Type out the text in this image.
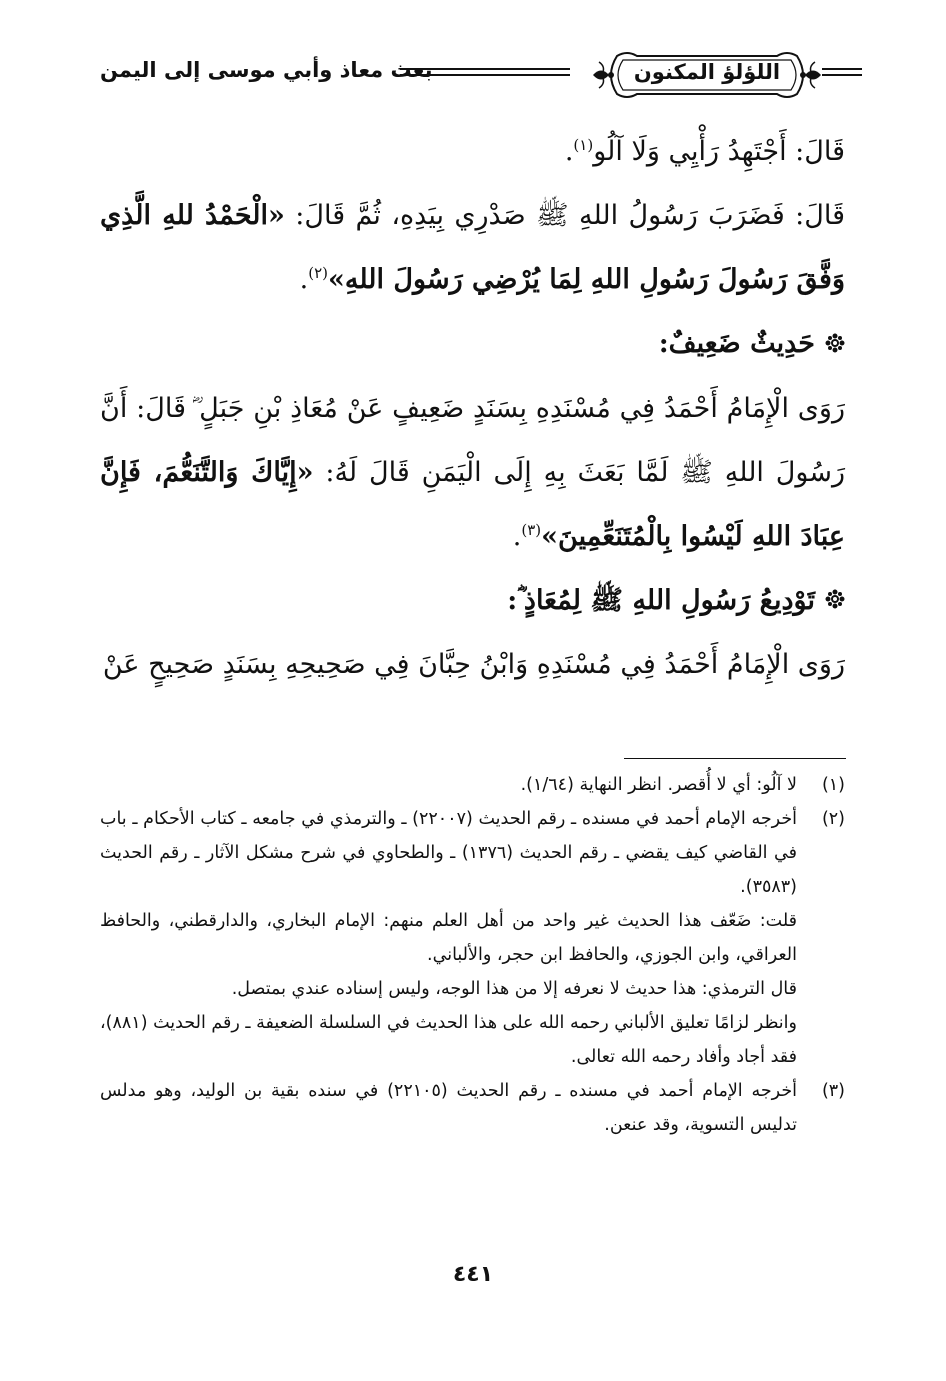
بعث معاذ وأبي موسى إلى اليمن	اللؤلؤ المكنون

قَالَ: أَجْتَهِدُ رَأْيِي وَلَا آلُو$^{(١)}$.

قَالَ: فَضَرَبَ رَسُولُ اللهِ ﷺ صَدْرِي بِيَدِهِ، ثُمَّ قَالَ: «الْحَمْدُ للهِ الَّذِي وَفَّقَ رَسُولَ رَسُولِ اللهِ لِمَا يُرْضِي رَسُولَ اللهِ»$^{(٢)}$.

حَدِيثٌ ضَعِيفٌ:

رَوَى الْإِمَامُ أَحْمَدُ فِي مُسْنَدِهِ بِسَنَدٍ ضَعِيفٍ عَنْ مُعَاذِ بْنِ جَبَلٍ ؓ قَالَ: أَنَّ رَسُولَ اللهِ ﷺ لَمَّا بَعَثَ بِهِ إِلَى الْيَمَنِ قَالَ لَهُ: «إِيَّاكَ وَالتَّنَعُّمَ، فَإِنَّ عِبَادَ اللهِ لَيْسُوا بِالْمُتَنَعِّمِينَ»$^{(٣)}$.

تَوْدِيعُ رَسُولِ اللهِ ﷺ لِمُعَاذٍ ؓ:

رَوَى الْإِمَامُ أَحْمَدُ فِي مُسْنَدِهِ وَابْنُ حِبَّانَ فِي صَحِيحِهِ بِسَنَدٍ صَحِيحٍ عَنْ

(١)
لا آلُو: أي لا أُقصر. انظر النهاية (١/٦٤).
(٢)
أخرجه الإمام أحمد في مسنده ـ رقم الحديث (٢٢٠٠٧) ـ والترمذي في جامعه ـ كتاب الأحكام ـ باب في القاضي كيف يقضي ـ رقم الحديث (١٣٧٦) ـ والطحاوي في شرح مشكل الآثار ـ رقم الحديث (٣٥٨٣).
قلت: ضَعّف هذا الحديث غير واحد من أهل العلم منهم: الإمام البخاري، والدارقطني، والحافظ العراقي، وابن الجوزي، والحافظ ابن حجر، والألباني.
قال الترمذي: هذا حديث لا نعرفه إلا من هذا الوجه، وليس إسناده عندي بمتصل.
وانظر لزامًا تعليق الألباني رحمه الله على هذا الحديث في السلسلة الضعيفة ـ رقم الحديث (٨٨١)، فقد أجاد وأفاد رحمه الله تعالى.
(٣)
أخرجه الإمام أحمد في مسنده ـ رقم الحديث (٢٢١٠٥) في سنده بقية بن الوليد، وهو مدلس تدليس التسوية، وقد عنعن.
٤٤١
